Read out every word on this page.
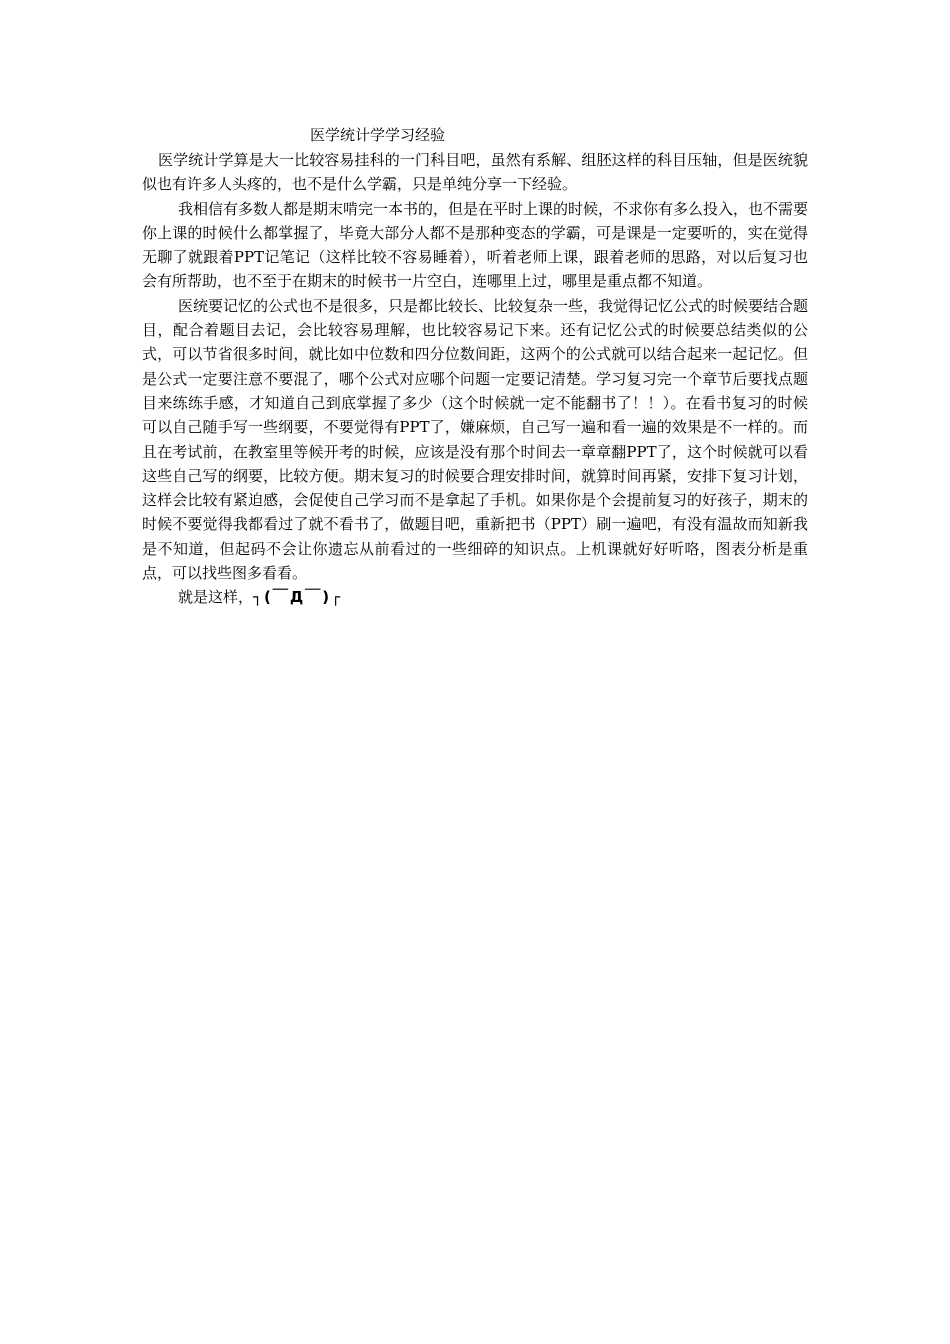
医学统计学学习经验

医学统计学算是大一比较容易挂科的一门科目吧，虽然有系解、组胚这样的科目压轴，但是医统貌似也有许多人头疼的，也不是什么学霸，只是单纯分享一下经验。

我相信有多数人都是期末啃完一本书的，但是在平时上课的时候，不求你有多么投入，也不需要你上课的时候什么都掌握了，毕竟大部分人都不是那种变态的学霸，可是课是一定要听的，实在觉得无聊了就跟着PPT记笔记（这样比较不容易睡着），听着老师上课，跟着老师的思路，对以后复习也会有所帮助，也不至于在期末的时候书一片空白，连哪里上过，哪里是重点都不知道。

医统要记忆的公式也不是很多，只是都比较长、比较复杂一些，我觉得记忆公式的时候要结合题目，配合着题目去记，会比较容易理解，也比较容易记下来。还有记忆公式的时候要总结类似的公式，可以节省很多时间，就比如中位数和四分位数间距，这两个的公式就可以结合起来一起记忆。但是公式一定要注意不要混了，哪个公式对应哪个问题一定要记清楚。学习复习完一个章节后要找点题目来练练手感，才知道自己到底掌握了多少（这个时候就一定不能翻书了！！）。在看书复习的时候可以自己随手写一些纲要，不要觉得有PPT了，嫌麻烦，自己写一遍和看一遍的效果是不一样的。而且在考试前，在教室里等候开考的时候，应该是没有那个时间去一章章翻PPT了，这个时候就可以看这些自己写的纲要，比较方便。期末复习的时候要合理安排时间，就算时间再紧，安排下复习计划，这样会比较有紧迫感，会促使自己学习而不是拿起了手机。如果你是个会提前复习的好孩子，期末的时候不要觉得我都看过了就不看书了，做题目吧，重新把书（PPT）刷一遍吧，有没有温故而知新我是不知道，但起码不会让你遗忘从前看过的一些细碎的知识点。上机课就好好听咯，图表分析是重点，可以找些图多看看。

就是这样，┐(￣Д￣)┌
